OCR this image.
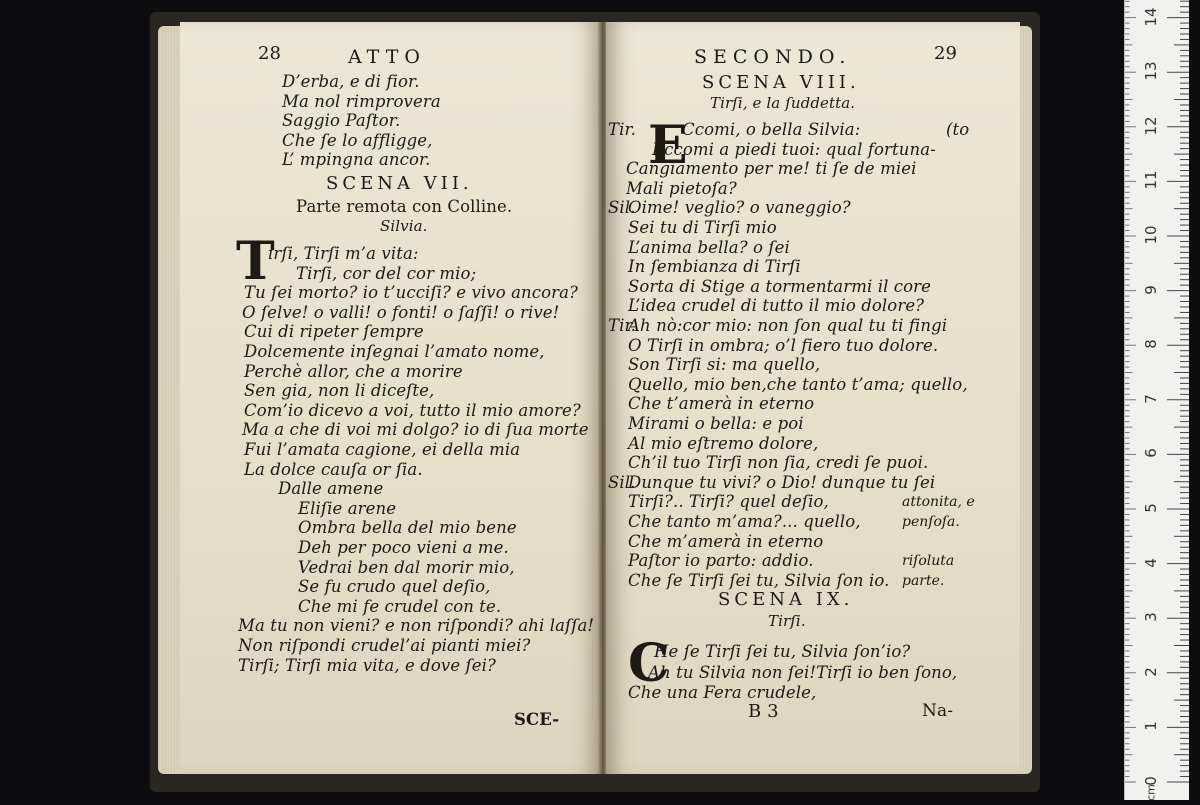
28	ATTO
D’erba, e di fior.
Ma nol rimprovera
Saggio Paſtor.
Che ſe lo affligge,
L’ mpingna ancor.
SCENA VII.
Parte remota con Colline.
Silvia.
T
irſi, Tirſi m’a vita:
Tirſi, cor del cor mio;
Tu ſei morto? io t’ucciſi? e vivo ancora?
O ſelve! o valli! o fonti! o ſaſſi! o rive!
Cui di ripeter ſempre
Dolcemente inſegnai l’amato nome,
Perchè allor, che a morire
Sen gia, non li diceſte,
Com’io dicevo a voi, tutto il mio amore?
Ma a che di voi mi dolgo? io di ſua morte
Fui l’amata cagione, ei della mia
La dolce cauſa or ſia.
Dalle amene
Eliſie arene
Ombra bella del mio bene
Deh per poco vieni a me.
Vedrai ben dal morir mio,
Se fu crudo quel deſio,
Che mi fe crudel con te.
Ma tu non vieni? e non riſpondi? ahi laſſa!
Non riſpondi crudel’ai pianti miei?
Tirſi; Tirſi mia vita, e dove ſei?
SCE-
SECONDO.	29
SCENA VIII.
Tirſi, e la ſuddetta.
E
Tir.	Ccomi, o bella Silvia:	(to
Eccomi a piedi tuoi: qual fortuna-
Cangiamento per me! ti ſe de miei
Mali pietoſa?
Sil.
Oime! veglio? o vaneggio?
Sei tu di Tirſi mio
L’anima bella? o ſei
In ſembianza di Tirſi
Sorta di Stige a tormentarmi il core
L’idea crudel di tutto il mio dolore?
Tir.
Ah nò:cor mio: non ſon qual tu ti fingi
O Tirſi in ombra; o’l fiero tuo dolore.
Son Tirſi si: ma quello,
Quello, mio ben,che tanto t’ama; quello,
Che t’amerà in eterno
Mirami o bella: e poi
Al mio eſtremo dolore,
Ch’il tuo Tirſi non ſia, credi ſe puoi.
Sil.
Dunque tu vivi? o Dio! dunque tu ſei
Tirſi?.. Tirſi? quel deſio,	attonita, e
Che tanto m’ama?... quello,	penſoſa.
Che m’amerà in eterno
Paſtor io parto: addio.	riſoluta
Che ſe Tirſi ſei tu, Silvia ſon io. parte.
SCENA IX.
Tirſi.
C
He ſe Tirſi ſei tu, Silvia ſon’io?
Ah tu Silvia non ſei!Tirſi io ben ſono,
Che una Fera crudele,
B 3	Na-
0
1
2
3
4
5
6
7
8
9
10
11
12
13
14
cm
